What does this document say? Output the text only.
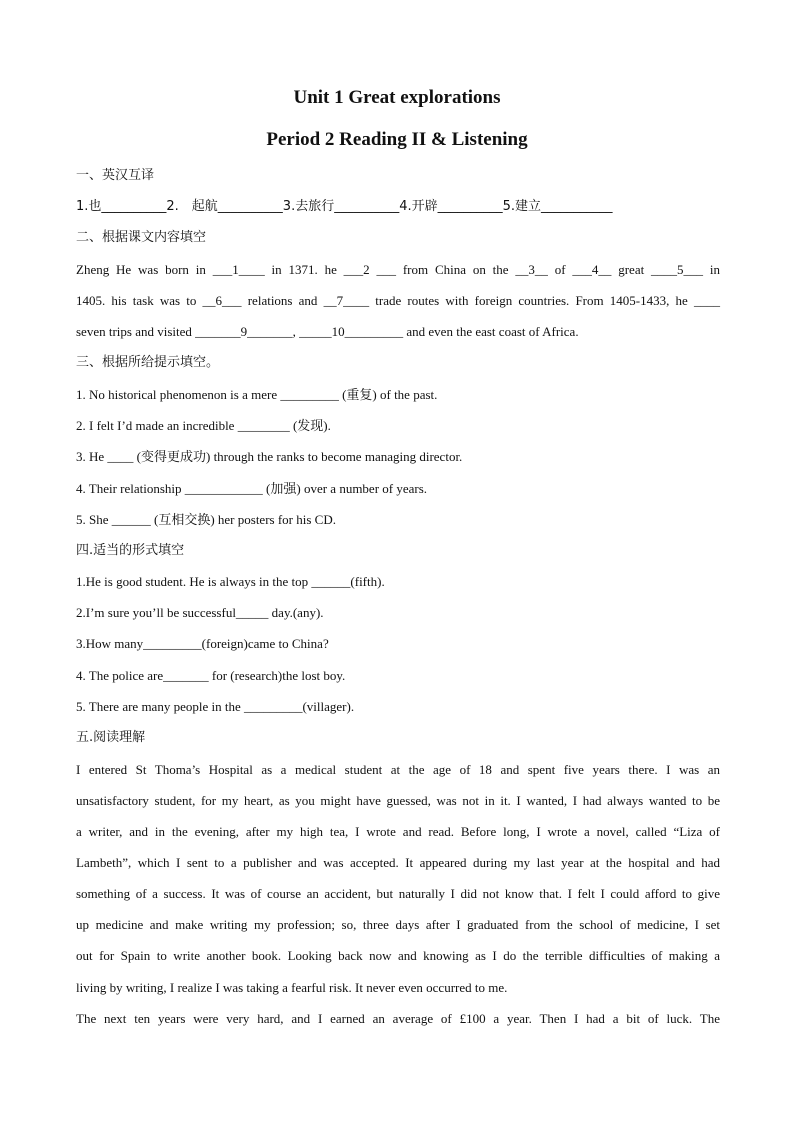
Unit 1 Great explorations
Period 2 Reading II & Listening
一、英汉互译
1.也__________2.　起航__________3.去旅行__________4.开辟__________5.建立___________
二、根据课文内容填空
Zheng He was born in ___1____ in 1371. he ___2 ___ from China on the __3__ of ___4__ great ____5___ in
1405. his task was to __6___ relations and __7____ trade routes with foreign countries. From 1405-1433, he ____
seven trips and visited _______9_______, _____10_________ and even the east coast of Africa.
三、根据所给提示填空。
1. No historical phenomenon is a mere _________ (重复) of the past.
2. I felt I’d made an incredible ________ (发现).
3. He ____ (变得更成功) through the ranks to become managing director.
4. Their relationship ____________ (加强) over a number of years.
5. She ______ (互相交换) her posters for his CD.
四.适当的形式填空
1.He is good student. He is always in the top ______(fifth).
2.I’m sure you’ll be successful_____ day.(any).
3.How many_________(foreign)came to China?
4. The police are_______ for (research)the lost boy.
5. There are many people in the _________(villager).
五.阅读理解
I entered St Thoma’s Hospital as a medical student at the age of 18 and spent five years there. I was an
unsatisfactory student, for my heart, as you might have guessed, was not in it. I wanted, I had always wanted to be
a writer, and in the evening, after my high tea, I wrote and read. Before long, I wrote a novel, called “Liza of
Lambeth”, which I sent to a publisher and was accepted. It appeared during my last year at the hospital and had
something of a success. It was of course an accident, but naturally I did not know that. I felt I could afford to give
up medicine and make writing my profession; so, three days after I graduated from the school of medicine, I set
out for Spain to write another book. Looking back now and knowing as I do the terrible difficulties of making a
living by writing, I realize I was taking a fearful risk. It never even occurred to me.
The next ten years were very hard, and I earned an average of £100 a year. Then I had a bit of luck. The
